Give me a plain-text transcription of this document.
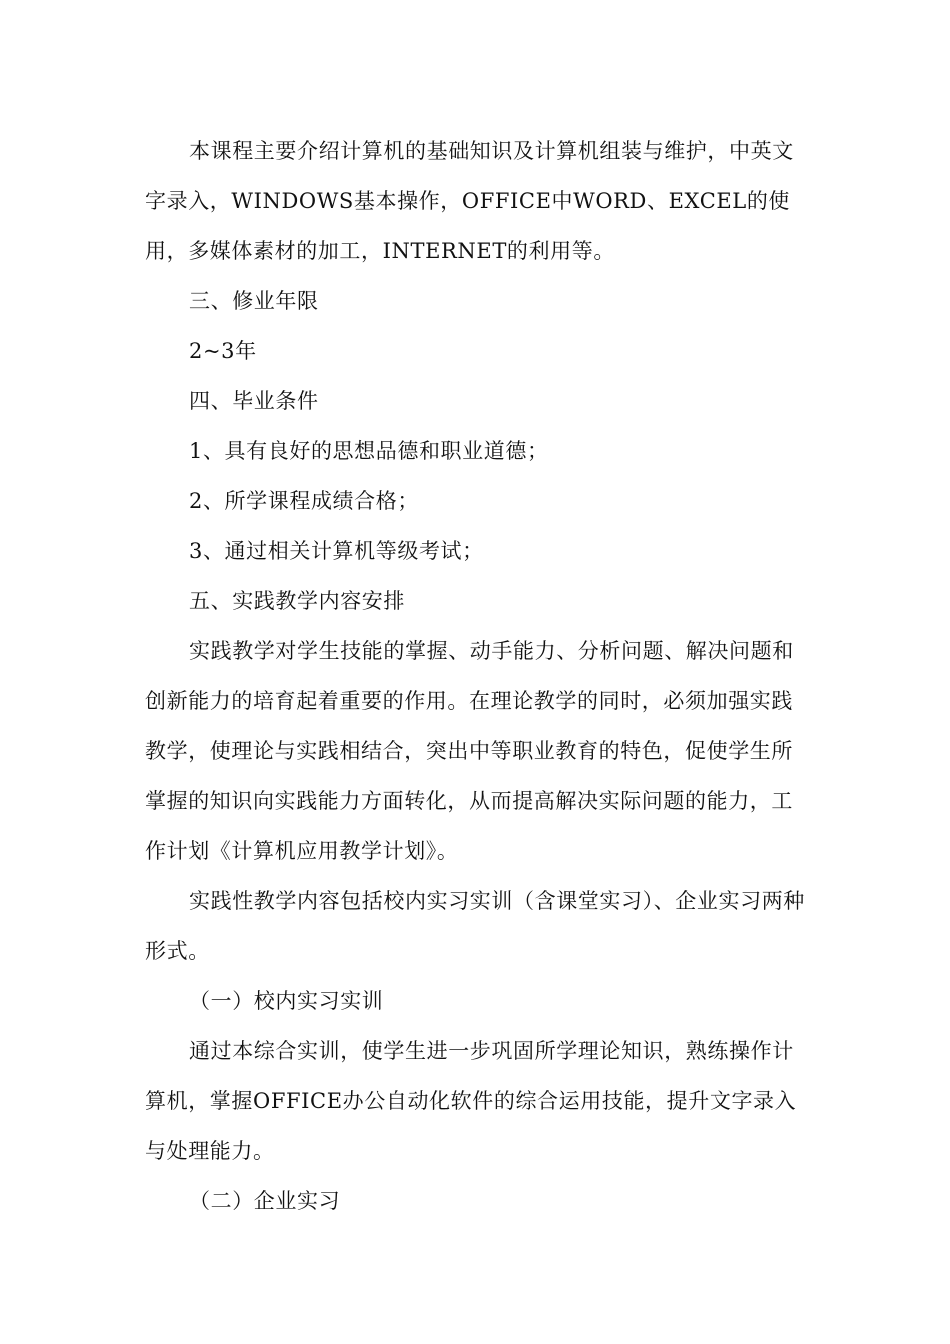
本课程主要介绍计算机的基础知识及计算机组装与维护，中英文字录入，WINDOWS基本操作，OFFICE中WORD、EXCEL的使用，多媒体素材的加工，INTERNET的利用等。

三、修业年限

2~3年

四、毕业条件

1、具有良好的思想品德和职业道德；

2、所学课程成绩合格；

3、通过相关计算机等级考试；

五、实践教学内容安排

实践教学对学生技能的掌握、动手能力、分析问题、解决问题和创新能力的培育起着重要的作用。在理论教学的同时，必须加强实践教学，使理论与实践相结合，突出中等职业教育的特色，促使学生所掌握的知识向实践能力方面转化，从而提高解决实际问题的能力，工作计划《计算机应用教学计划》。

实践性教学内容包括校内实习实训（含课堂实习）、企业实习两种形式。

（一）校内实习实训

通过本综合实训，使学生进一步巩固所学理论知识，熟练操作计算机，掌握OFFICE办公自动化软件的综合运用技能，提升文字录入与处理能力。

（二）企业实习
